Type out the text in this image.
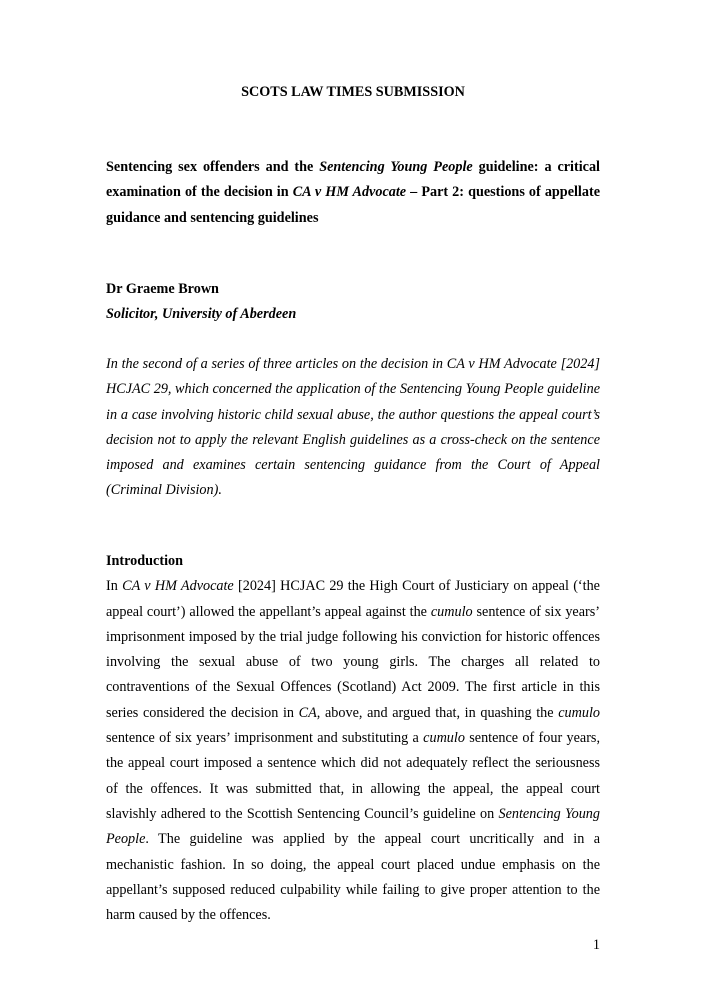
SCOTS LAW TIMES SUBMISSION

Sentencing sex offenders and the Sentencing Young People guideline: a critical examination of the decision in CA v HM Advocate – Part 2: questions of appellate guidance and sentencing guidelines

Dr Graeme Brown

Solicitor, University of Aberdeen

In the second of a series of three articles on the decision in CA v HM Advocate [2024] HCJAC 29, which concerned the application of the Sentencing Young People guideline in a case involving historic child sexual abuse, the author questions the appeal court’s decision not to apply the relevant English guidelines as a cross-check on the sentence imposed and examines certain sentencing guidance from the Court of Appeal (Criminal Division).

Introduction

In CA v HM Advocate [2024] HCJAC 29 the High Court of Justiciary on appeal (‘the appeal court’) allowed the appellant’s appeal against the cumulo sentence of six years’ imprisonment imposed by the trial judge following his conviction for historic offences involving the sexual abuse of two young girls. The charges all related to contraventions of the Sexual Offences (Scotland) Act 2009. The first article in this series considered the decision in CA, above, and argued that, in quashing the cumulo sentence of six years’ imprisonment and substituting a cumulo sentence of four years, the appeal court imposed a sentence which did not adequately reflect the seriousness of the offences. It was submitted that, in allowing the appeal, the appeal court slavishly adhered to the Scottish Sentencing Council’s guideline on Sentencing Young People. The guideline was applied by the appeal court uncritically and in a mechanistic fashion. In so doing, the appeal court placed undue emphasis on the appellant’s supposed reduced culpability while failing to give proper attention to the harm caused by the offences.

1
